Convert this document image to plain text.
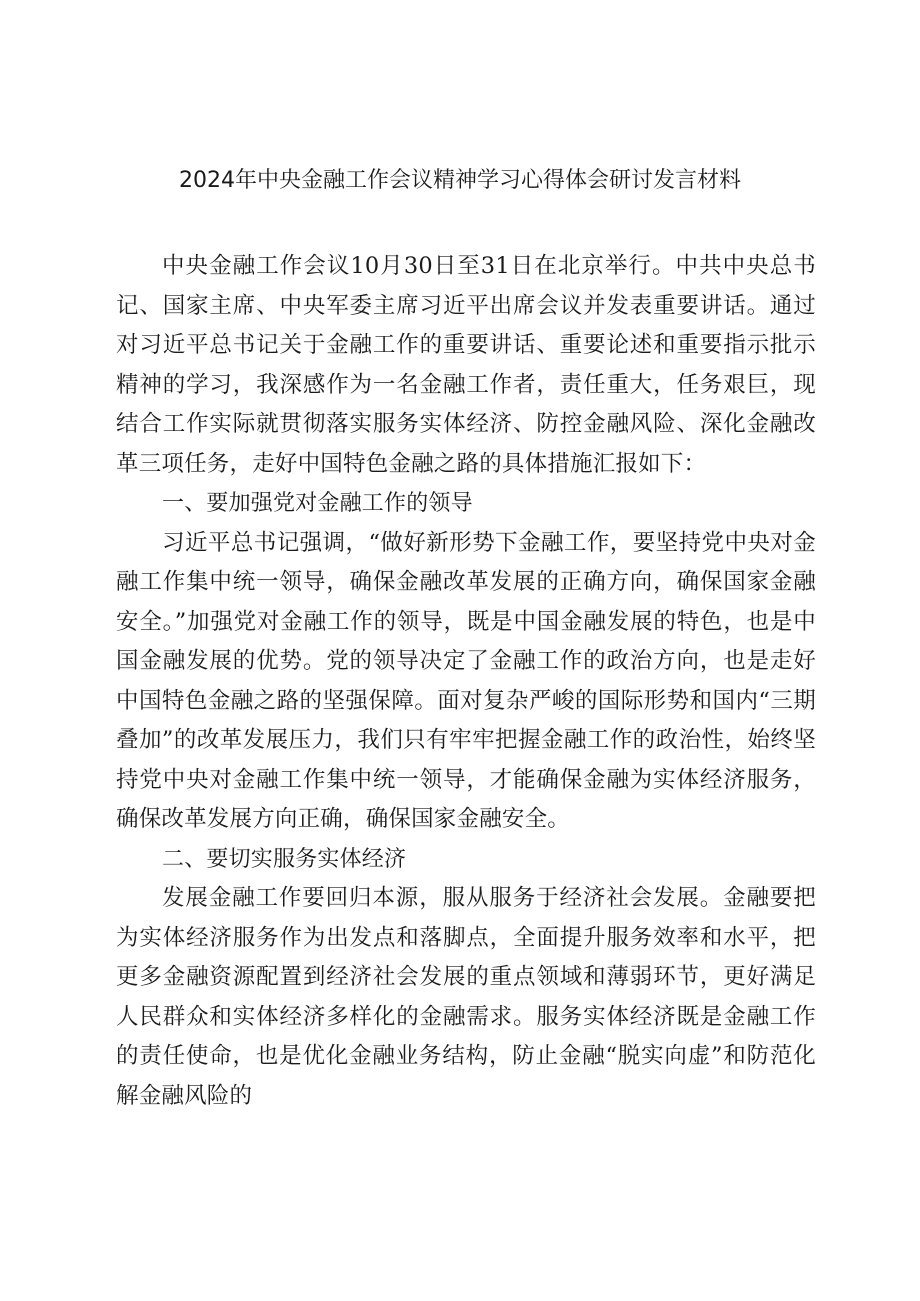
2024年中央金融工作会议精神学习心得体会研讨发言材料

中央金融工作会议10月30日至31日在北京举行。中共中央总书记、国家主席、中央军委主席习近平出席会议并发表重要讲话。通过对习近平总书记关于金融工作的重要讲话、重要论述和重要指示批示精神的学习，我深感作为一名金融工作者，责任重大，任务艰巨，现结合工作实际就贯彻落实服务实体经济、防控金融风险、深化金融改革三项任务，走好中国特色金融之路的具体措施汇报如下：

一、要加强党对金融工作的领导

习近平总书记强调，“做好新形势下金融工作，要坚持党中央对金融工作集中统一领导，确保金融改革发展的正确方向，确保国家金融安全。”加强党对金融工作的领导，既是中国金融发展的特色，也是中国金融发展的优势。党的领导决定了金融工作的政治方向，也是走好中国特色金融之路的坚强保障。面对复杂严峻的国际形势和国内“三期叠加”的改革发展压力，我们只有牢牢把握金融工作的政治性，始终坚持党中央对金融工作集中统一领导，才能确保金融为实体经济服务，确保改革发展方向正确，确保国家金融安全。

二、要切实服务实体经济

发展金融工作要回归本源，服从服务于经济社会发展。金融要把为实体经济服务作为出发点和落脚点，全面提升服务效率和水平，把更多金融资源配置到经济社会发展的重点领域和薄弱环节，更好满足人民群众和实体经济多样化的金融需求。服务实体经济既是金融工作的责任使命，也是优化金融业务结构，防止金融“脱实向虚”和防范化解金融风险的
